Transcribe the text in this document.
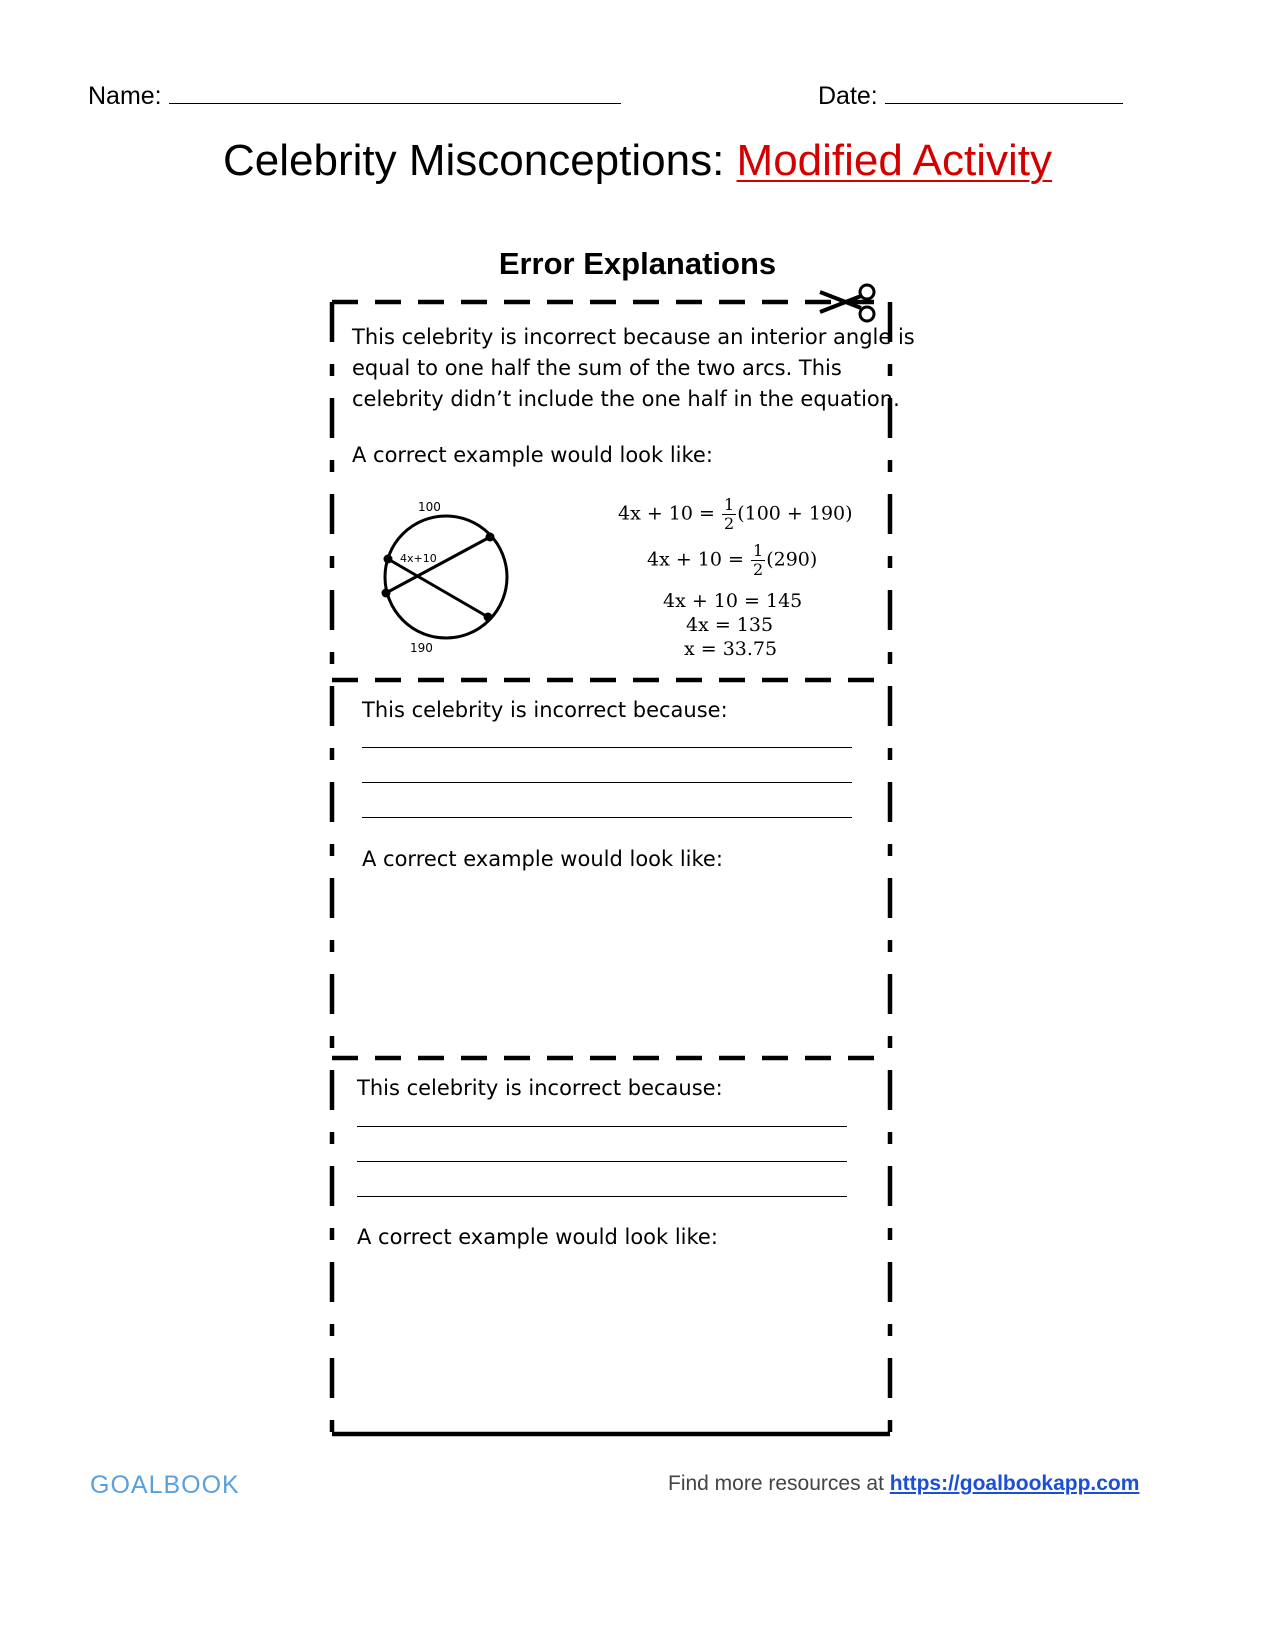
Name:	Date:
Celebrity Misconceptions: Modified Activity
Error Explanations
This celebrity is incorrect because an interior angle is
equal to one half the sum of the two arcs. This
celebrity didn’t include the one half in the equation.
A correct example would look like:
100
190
4x+10
$4x + 10 = \frac{1}{2} (100 + 190)$
$4x + 10 = \frac{1}{2} (290)$
4x + 10 = 145
4x = 135
x = 33.75
This celebrity is incorrect because:
A correct example would look like:
This celebrity is incorrect because:
A correct example would look like:
GOALBOOK	Find more resources at https://goalbookapp.com
